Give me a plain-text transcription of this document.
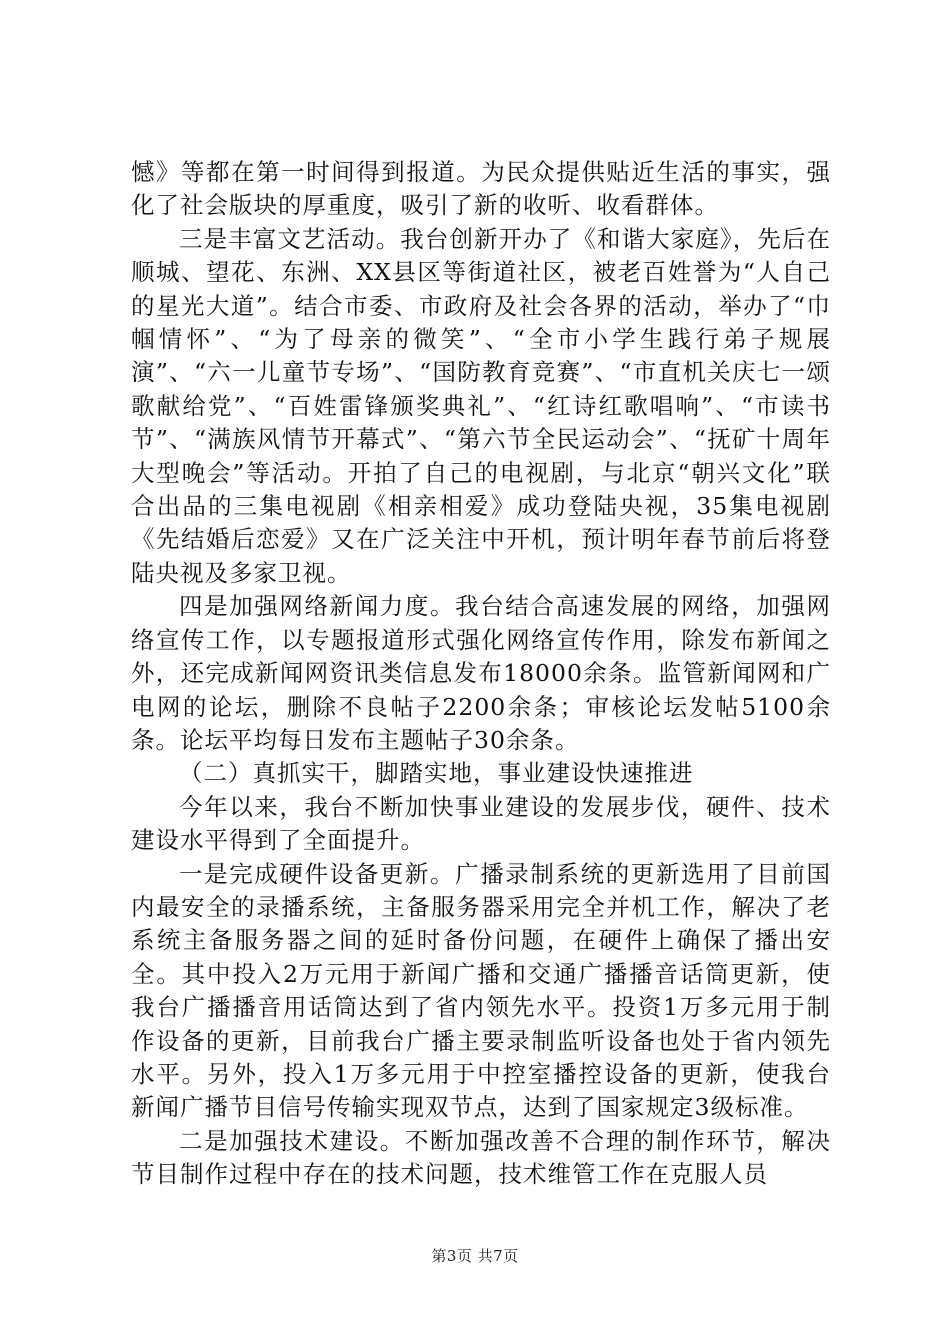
憾》等都在第一时间得到报道。为民众提供贴近生活的事实，强化了社会版块的厚重度，吸引了新的收听、收看群体。

三是丰富文艺活动。我台创新开办了《和谐大家庭》，先后在顺城、望花、东洲、XX县区等街道社区，被老百姓誉为“人自己的星光大道”。结合市委、市政府及社会各界的活动，举办了“巾帼情怀”、“为了母亲的微笑”、“全市小学生践行弟子规展演”、“六一儿童节专场”、“国防教育竞赛”、“市直机关庆七一颂歌献给党”、“百姓雷锋颁奖典礼”、“红诗红歌唱响”、“市读书节”、“满族风情节开幕式”、“第六节全民运动会”、“抚矿十周年大型晚会”等活动。开拍了自己的电视剧，与北京“朝兴文化”联合出品的三集电视剧《相亲相爱》成功登陆央视，35集电视剧《先结婚后恋爱》又在广泛关注中开机，预计明年春节前后将登陆央视及多家卫视。

四是加强网络新闻力度。我台结合高速发展的网络，加强网络宣传工作，以专题报道形式强化网络宣传作用，除发布新闻之外，还完成新闻网资讯类信息发布18000余条。监管新闻网和广电网的论坛，删除不良帖子2200余条；审核论坛发帖5100余条。论坛平均每日发布主题帖子30余条。

（二）真抓实干，脚踏实地，事业建设快速推进

今年以来，我台不断加快事业建设的发展步伐，硬件、技术建设水平得到了全面提升。

一是完成硬件设备更新。广播录制系统的更新选用了目前国内最安全的录播系统，主备服务器采用完全并机工作，解决了老系统主备服务器之间的延时备份问题，在硬件上确保了播出安全。其中投入2万元用于新闻广播和交通广播播音话筒更新，使我台广播播音用话筒达到了省内领先水平。投资1万多元用于制作设备的更新，目前我台广播主要录制监听设备也处于省内领先水平。另外，投入1万多元用于中控室播控设备的更新，使我台新闻广播节目信号传输实现双节点，达到了国家规定3级标准。

二是加强技术建设。不断加强改善不合理的制作环节，解决节目制作过程中存在的技术问题，技术维管工作在克服人员

第3页 共7页
